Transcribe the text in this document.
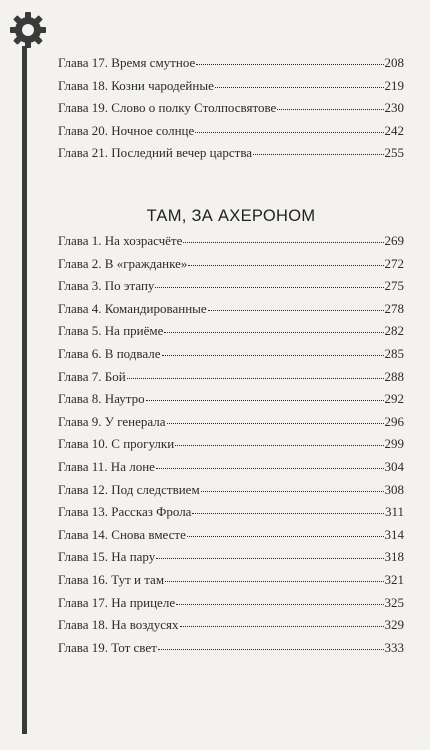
Глава 17. Время смутное	208
Глава 18. Козни чародейные	219
Глава 19. Слово о полку Столпосвятове	230
Глава 20. Ночное солнце	242
Глава 21. Последний вечер царства	255
ТАМ, ЗА АХЕРОНОМ
Глава 1. На хозрасчёте	269
Глава 2. В «гражданке»	272
Глава 3. По этапу	275
Глава 4. Командированные	278
Глава 5. На приёме	282
Глава 6. В подвале	285
Глава 7. Бой	288
Глава 8. Наутро	292
Глава 9. У генерала	296
Глава 10. С прогулки	299
Глава 11. На лоне	304
Глава 12. Под следствием	308
Глава 13. Рассказ Фрола	311
Глава 14. Снова вместе	314
Глава 15. На пару	318
Глава 16. Тут и там	321
Глава 17. На прицеле	325
Глава 18. На воздусях	329
Глава 19. Тот свет	333
